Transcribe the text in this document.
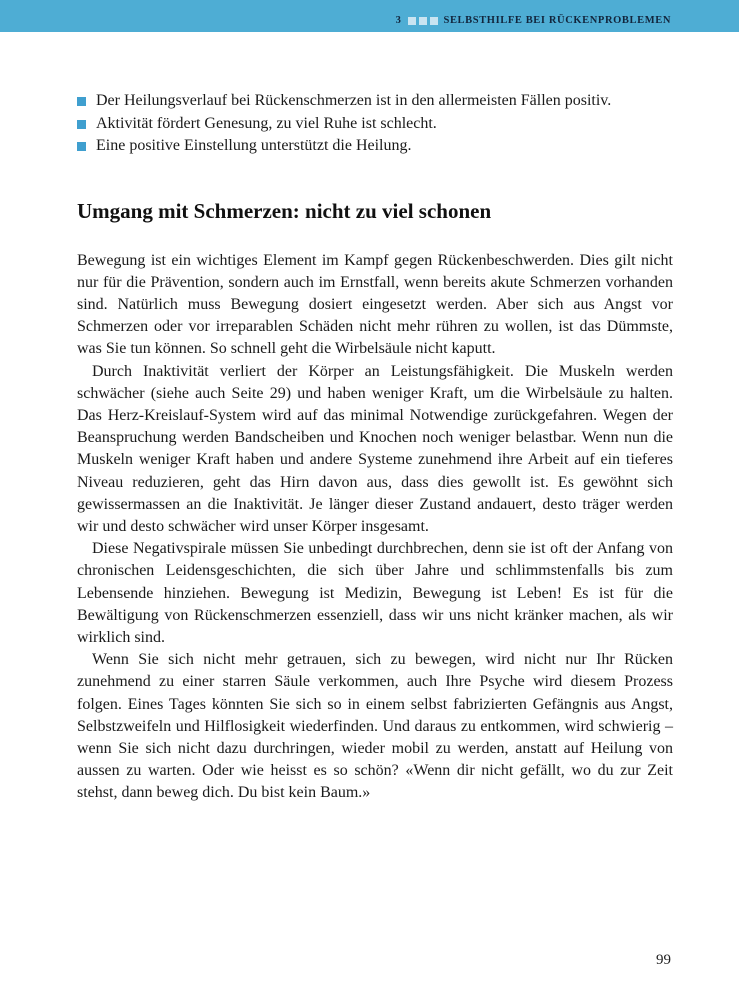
3	SELBSTHILFE BEI RÜCKENPROBLEMEN
Der Heilungsverlauf bei Rückenschmerzen ist in den allermeisten Fällen positiv.
Aktivität fördert Genesung, zu viel Ruhe ist schlecht.
Eine positive Einstellung unterstützt die Heilung.
Umgang mit Schmerzen: nicht zu viel schonen

Bewegung ist ein wichtiges Element im Kampf gegen Rückenbeschwerden. Dies gilt nicht nur für die Prävention, sondern auch im Ernstfall, wenn bereits akute Schmerzen vorhanden sind. Natürlich muss Bewegung dosiert eingesetzt werden. Aber sich aus Angst vor Schmerzen oder vor irreparablen Schäden nicht mehr rühren zu wollen, ist das Dümmste, was Sie tun können. So schnell geht die Wirbelsäule nicht kaputt.

Durch Inaktivität verliert der Körper an Leistungsfähigkeit. Die Muskeln werden schwächer (siehe auch Seite 29) und haben weniger Kraft, um die Wirbelsäule zu halten. Das Herz-Kreislauf-System wird auf das minimal Notwendige zurückgefahren. Wegen der Beanspruchung werden Bandscheiben und Knochen noch weniger belastbar. Wenn nun die Muskeln weniger Kraft haben und andere Systeme zunehmend ihre Arbeit auf ein tieferes Niveau reduzieren, geht das Hirn davon aus, dass dies gewollt ist. Es gewöhnt sich gewissermassen an die Inaktivität. Je länger dieser Zustand andauert, desto träger werden wir und desto schwächer wird unser Körper insgesamt.

Diese Negativspirale müssen Sie unbedingt durchbrechen, denn sie ist oft der Anfang von chronischen Leidensgeschichten, die sich über Jahre und schlimmstenfalls bis zum Lebensende hinziehen. Bewegung ist Medizin, Bewegung ist Leben! Es ist für die Bewältigung von Rückenschmerzen essenziell, dass wir uns nicht kränker machen, als wir wirklich sind.

Wenn Sie sich nicht mehr getrauen, sich zu bewegen, wird nicht nur Ihr Rücken zunehmend zu einer starren Säule verkommen, auch Ihre Psyche wird diesem Prozess folgen. Eines Tages könnten Sie sich so in einem selbst fabrizierten Gefängnis aus Angst, Selbstzweifeln und Hilflosigkeit wiederfinden. Und daraus zu entkommen, wird schwierig – wenn Sie sich nicht dazu durchringen, wieder mobil zu werden, anstatt auf Heilung von aussen zu warten. Oder wie heisst es so schön? «Wenn dir nicht gefällt, wo du zur Zeit stehst, dann beweg dich. Du bist kein Baum.»

99
